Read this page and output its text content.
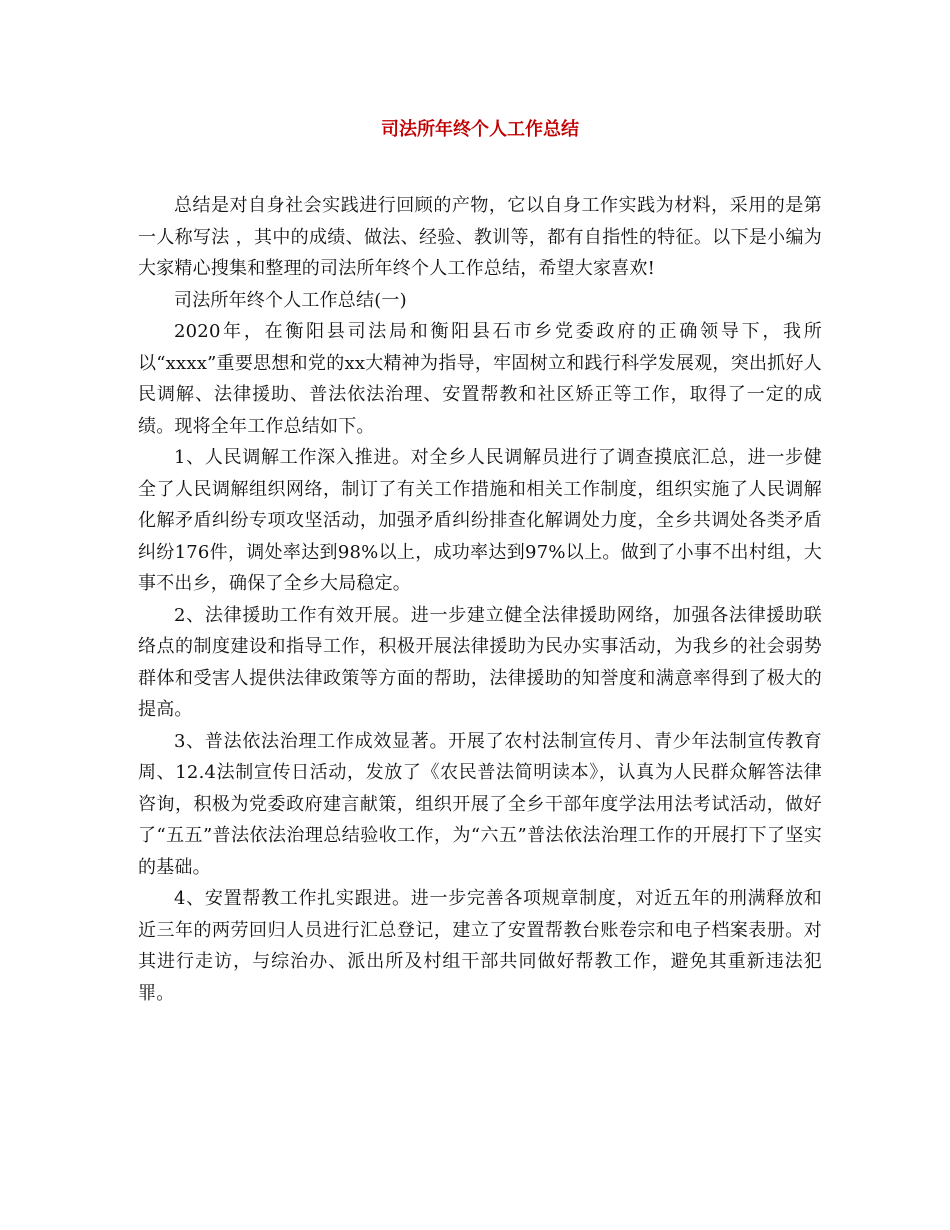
司法所年终个人工作总结

总结是对自身社会实践进行回顾的产物，它以自身工作实践为材料，采用的是第一人称写法 ，其中的成绩、做法、经验、教训等，都有自指性的特征。以下是小编为大家精心搜集和整理的司法所年终个人工作总结，希望大家喜欢!

司法所年终个人工作总结(一)

2020年，在衡阳县司法局和衡阳县石市乡党委政府的正确领导下，我所以“xxxx”重要思想和党的xx大精神为指导，牢固树立和践行科学发展观，突出抓好人民调解、法律援助、普法依法治理、安置帮教和社区矫正等工作，取得了一定的成绩。现将全年工作总结如下。

1、人民调解工作深入推进。对全乡人民调解员进行了调查摸底汇总，进一步健全了人民调解组织网络，制订了有关工作措施和相关工作制度，组织实施了人民调解化解矛盾纠纷专项攻坚活动，加强矛盾纠纷排查化解调处力度，全乡共调处各类矛盾纠纷176件，调处率达到98%以上，成功率达到97%以上。做到了小事不出村组，大事不出乡，确保了全乡大局稳定。

2、法律援助工作有效开展。进一步建立健全法律援助网络，加强各法律援助联络点的制度建设和指导工作，积极开展法律援助为民办实事活动，为我乡的社会弱势群体和受害人提供法律政策等方面的帮助，法律援助的知誉度和满意率得到了极大的提高。

3、普法依法治理工作成效显著。开展了农村法制宣传月、青少年法制宣传教育周、12.4法制宣传日活动，发放了《农民普法简明读本》，认真为人民群众解答法律咨询，积极为党委政府建言献策，组织开展了全乡干部年度学法用法考试活动，做好了“五五”普法依法治理总结验收工作，为“六五”普法依法治理工作的开展打下了坚实的基础。

4、安置帮教工作扎实跟进。进一步完善各项规章制度，对近五年的刑满释放和近三年的两劳回归人员进行汇总登记，建立了安置帮教台账卷宗和电子档案表册。对其进行走访，与综治办、派出所及村组干部共同做好帮教工作，避免其重新违法犯罪。
